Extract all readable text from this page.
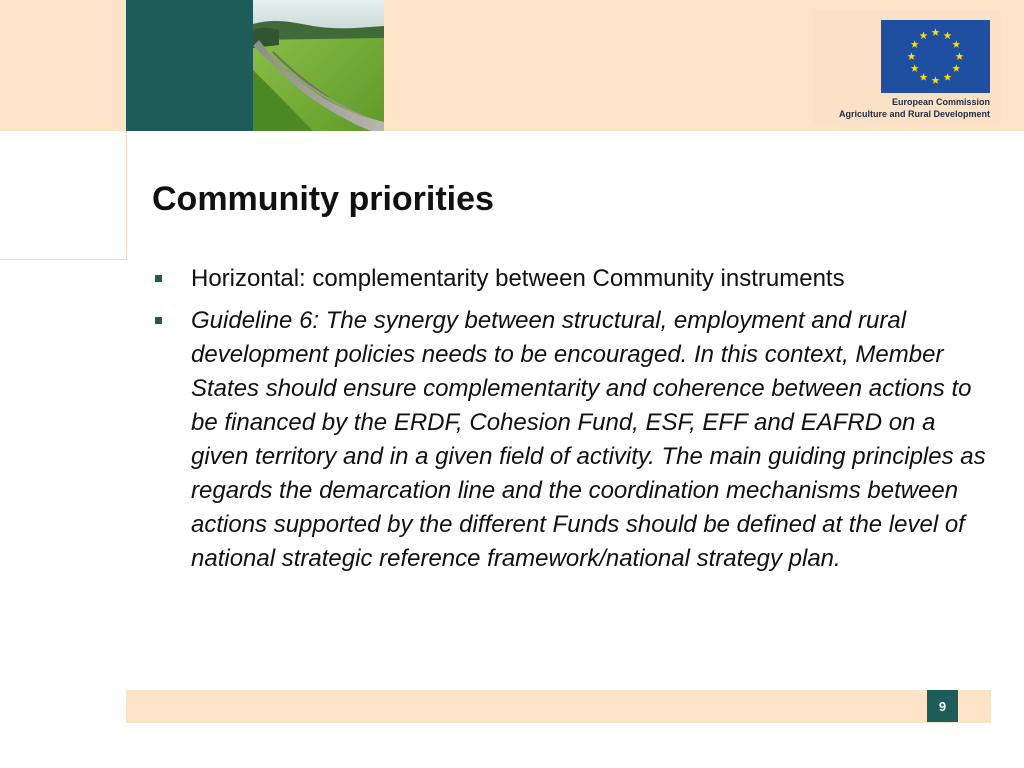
European Commission
Agriculture and Rural Development
Community priorities
Horizontal: complementarity between Community instruments
Guideline 6: The synergy between structural, employment and rural development policies needs to be encouraged. In this context, Member States should ensure complementarity and coherence between actions to be financed by the ERDF, Cohesion Fund, ESF, EFF and EAFRD on a given territory and in a given field of activity. The main guiding principles as regards the demarcation line and the coordination mechanisms between actions supported by the different Funds should be defined at the level of national strategic reference framework/national strategy plan.
9
